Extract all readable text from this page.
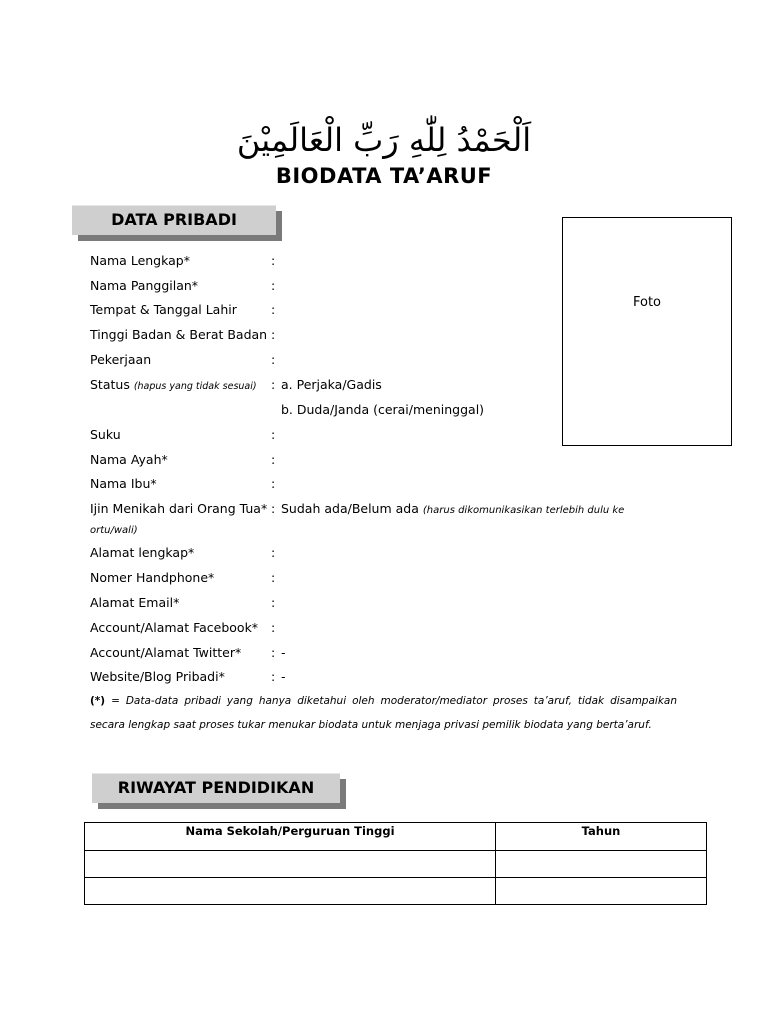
اَلْحَمْدُ لِلّٰهِ رَبِّ الْعَالَمِيْنَ
BIODATA TA’ARUF
DATA PRIBADI
Foto
Nama Lengkap*	:
Nama Panggilan*	:
Tempat & Tanggal Lahir	:
Tinggi Badan & Berat Badan :
Pekerjaan	:
Status (hapus yang tidak sesuai) : a. Perjaka/Gadis
b. Duda/Janda (cerai/meninggal)
Suku	:
Nama Ayah*	:
Nama Ibu*	:
Ijin Menikah dari Orang Tua* : Sudah ada/Belum ada (harus dikomunikasikan terlebih dulu ke
ortu/wali)
Alamat lengkap*	:
Nomer Handphone*	:
Alamat Email*	:
Account/Alamat Facebook* :
Account/Alamat Twitter* : -
Website/Blog Pribadi*	: -
(*) = Data-data pribadi yang hanya diketahui oleh moderator/mediator proses ta’aruf, tidak disampaikan secara lengkap saat proses tukar menukar biodata untuk menjaga privasi pemilik biodata yang berta’aruf.
RIWAYAT PENDIDIKAN
Nama Sekolah/Perguruan Tinggi	Tahun
